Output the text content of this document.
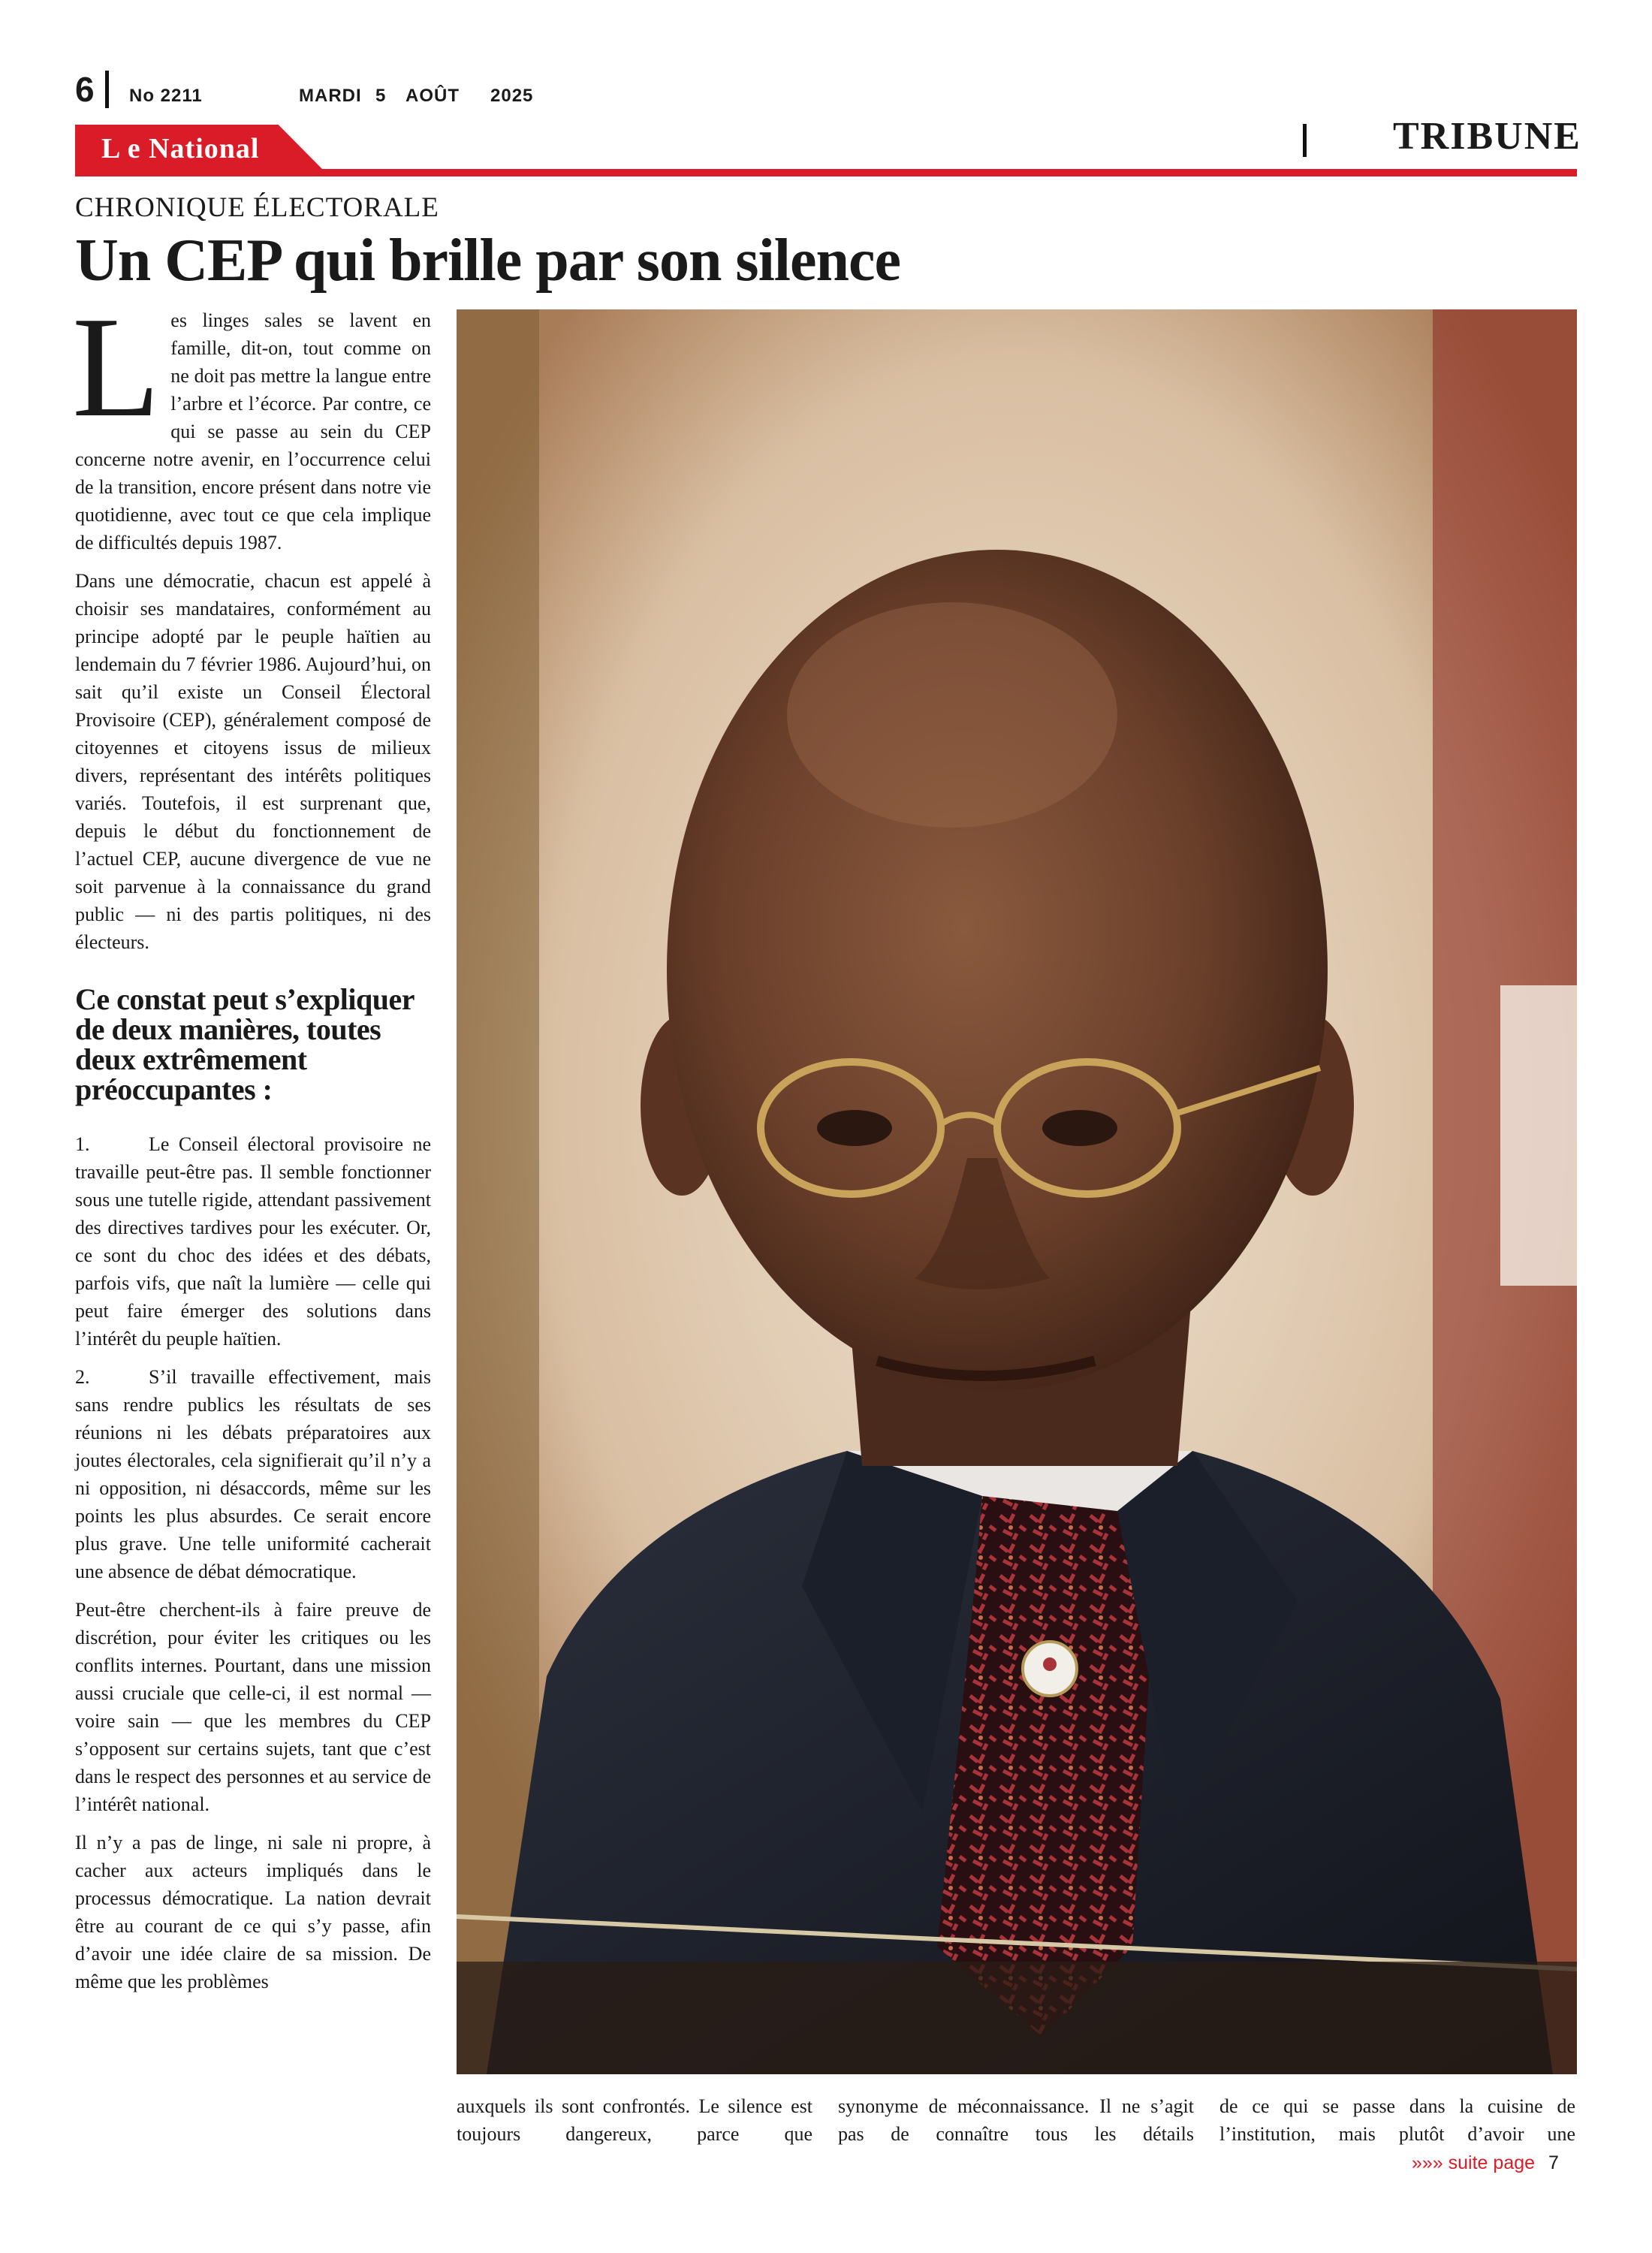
6 No 2211	MARDI 5 AOÛT 2025
L e National	TRIBUNE
CHRONIQUE ÉLECTORALE
Un CEP qui brille par son silence

Les linges sales se lavent en famille, dit-on, tout comme on ne doit pas mettre la langue entre l’arbre et l’écorce. Par contre, ce qui se passe au sein du CEP concerne notre avenir, en l’occurrence celui de la transition, encore présent dans notre vie quotidienne, avec tout ce que cela implique de difficultés depuis 1987.

Dans une démocratie, chacun est appelé à choisir ses mandataires, conformément au principe adopté par le peuple haïtien au lendemain du 7 février 1986. Aujourd’hui, on sait qu’il existe un Conseil Électoral Provisoire (CEP), généralement composé de citoyennes et citoyens issus de milieux divers, représentant des intérêts politiques variés. Toutefois, il est surprenant que, depuis le début du fonctionnement de l’actuel CEP, aucune divergence de vue ne soit parvenue à la connaissance du grand public — ni des partis politiques, ni des électeurs.

Ce constat peut s’expliquer de deux manières, toutes deux extrêmement préoccupantes :

1.	Le Conseil électoral provisoire ne travaille peut-être pas. Il semble fonctionner sous une tutelle rigide, attendant passivement des directives tardives pour les exécuter. Or, ce sont du choc des idées et des débats, parfois vifs, que naît la lumière — celle qui peut faire émerger des solutions dans l’intérêt du peuple haïtien.

2.	S’il travaille effectivement, mais sans rendre publics les résultats de ses réunions ni les débats préparatoires aux joutes électorales, cela signifierait qu’il n’y a ni opposition, ni désaccords, même sur les points les plus absurdes. Ce serait encore plus grave. Une telle uniformité cacherait une absence de débat démocratique.

Peut-être cherchent-ils à faire preuve de discrétion, pour éviter les critiques ou les conflits internes. Pourtant, dans une mission aussi cruciale que celle-ci, il est normal — voire sain — que les membres du CEP s’opposent sur certains sujets, tant que c’est dans le respect des personnes et au service de l’intérêt national.

Il n’y a pas de linge, ni sale ni propre, à cacher aux acteurs impliqués dans le processus démocratique. La nation devrait être au courant de ce qui s’y passe, afin d’avoir une idée claire de sa mission. De même que les problèmes

auxquels ils sont confrontés. Le silence est toujours dangereux, parce que
synonyme de méconnaissance. Il ne s’agit pas de connaître tous les détails
de ce qui se passe dans la cuisine de l’institution, mais plutôt d’avoir une
»»» suite page 7
